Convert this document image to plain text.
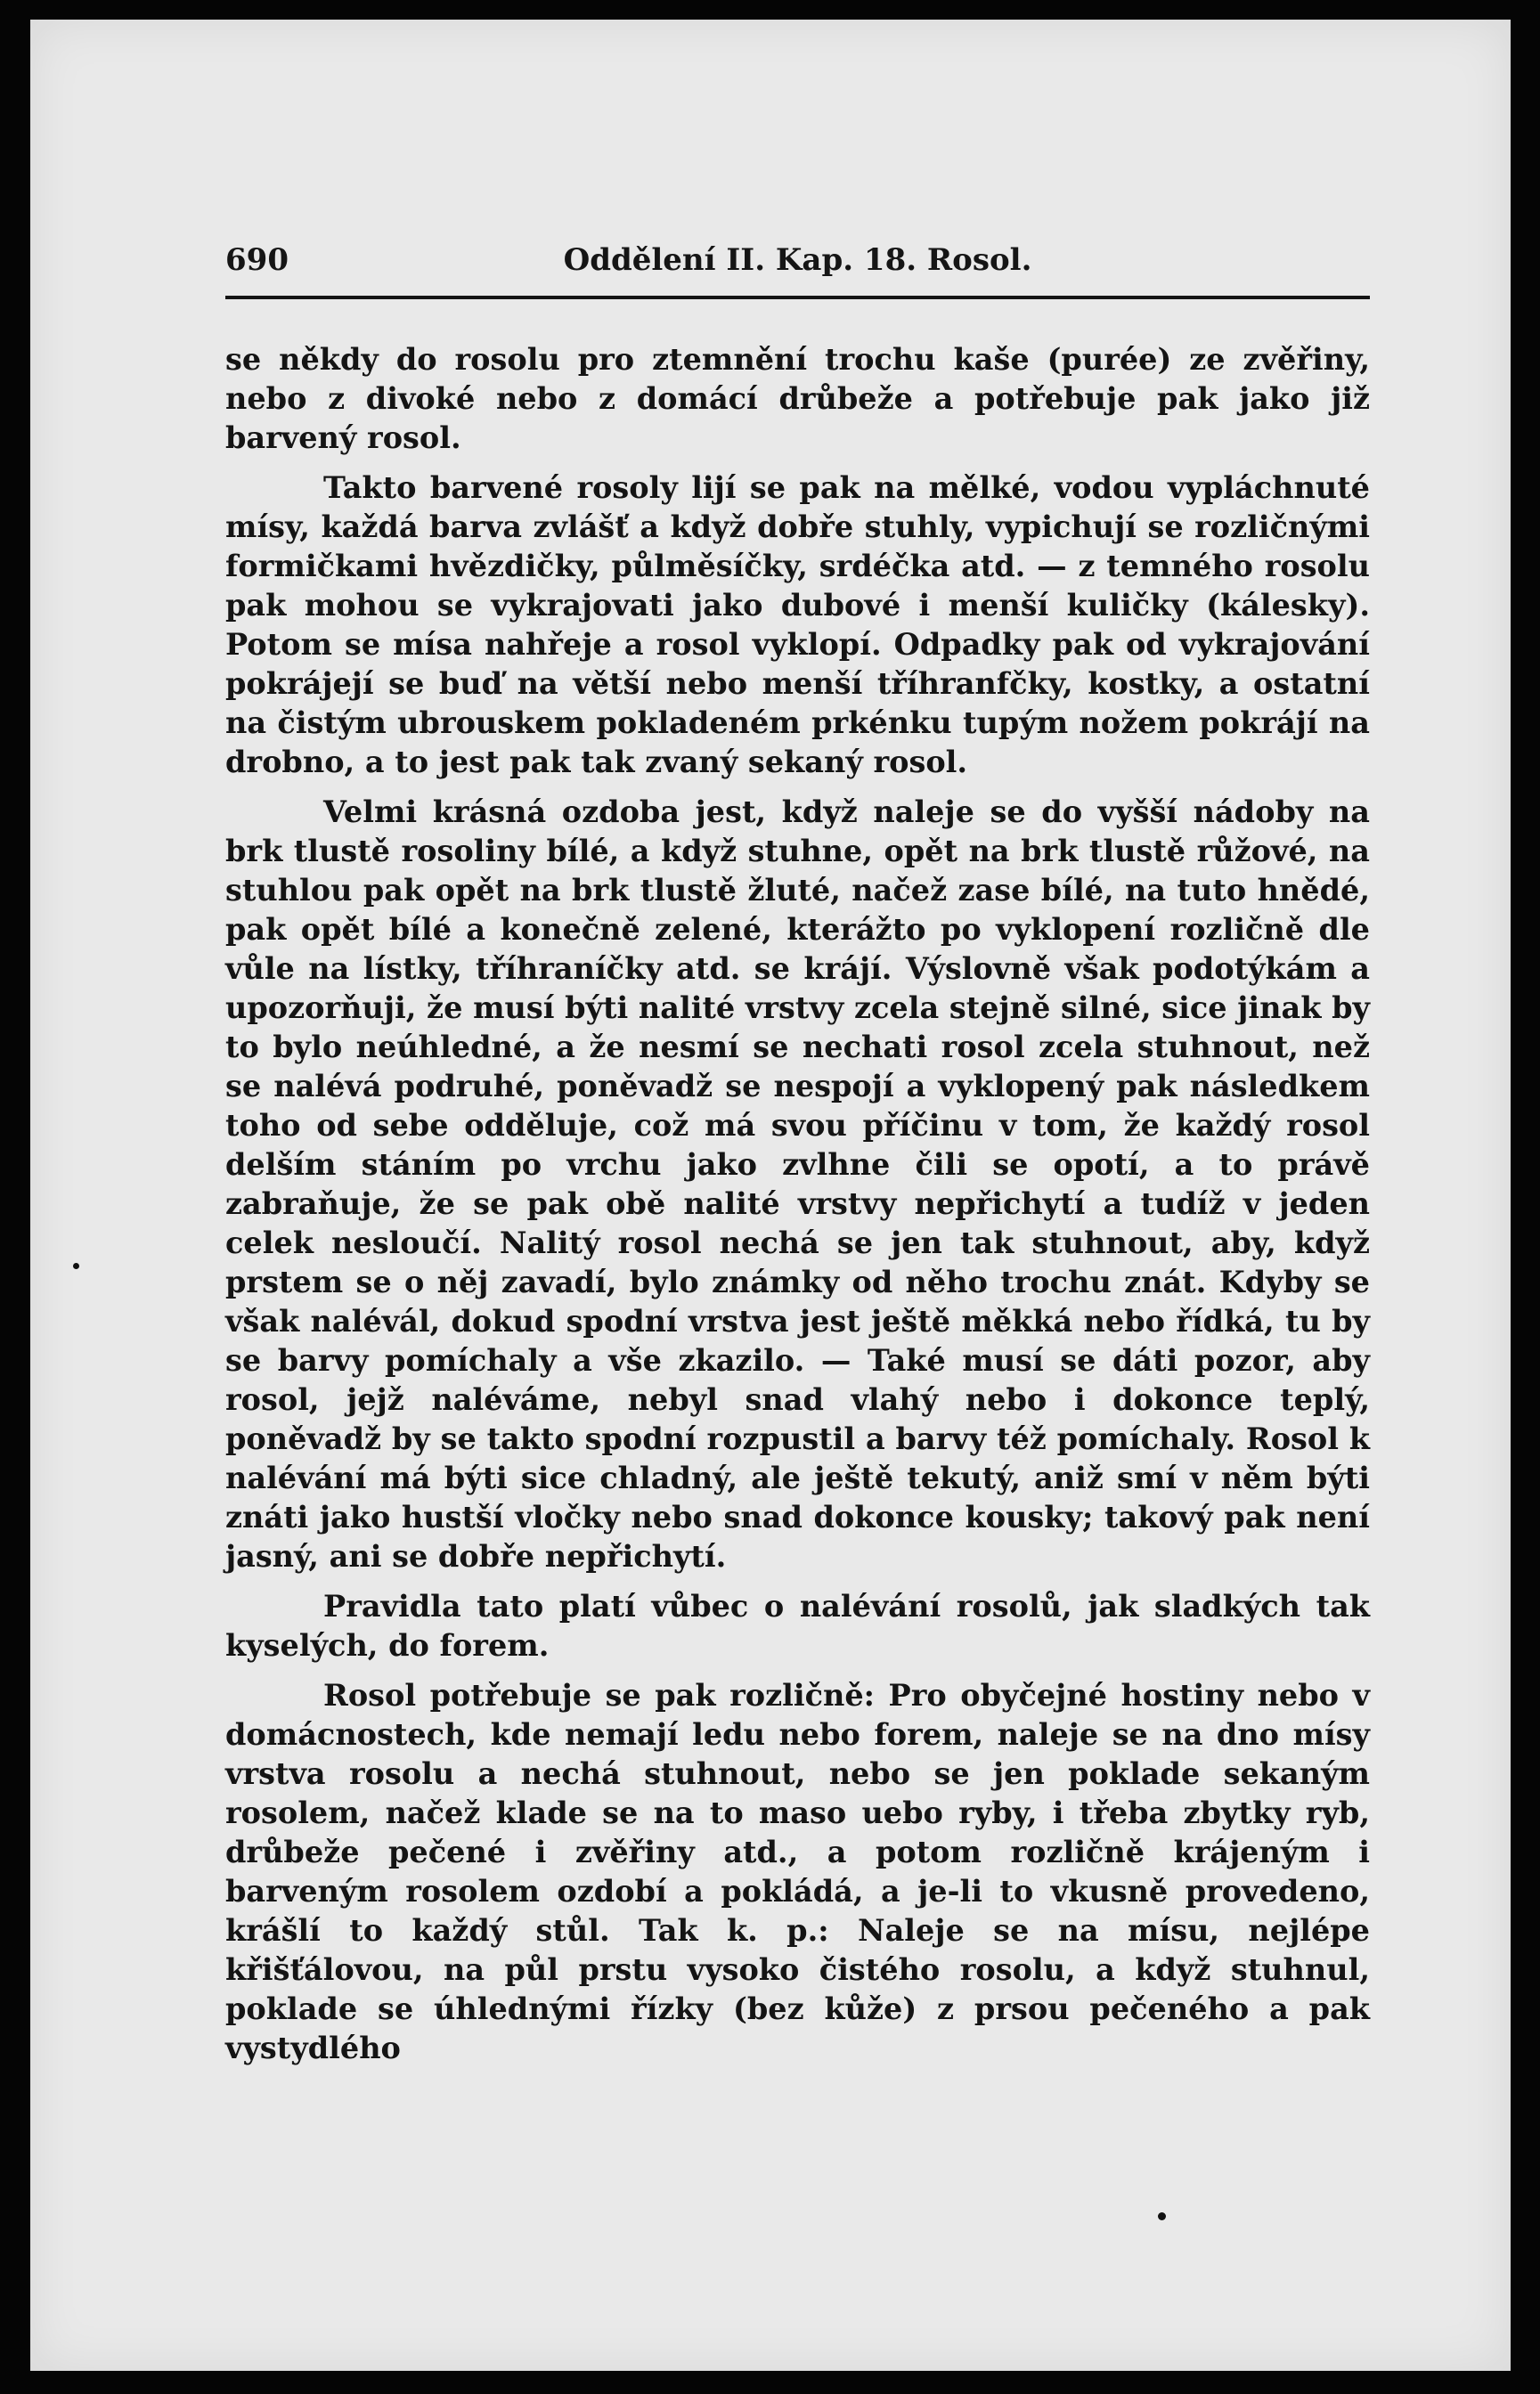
690	Oddělení II. Kap. 18. Rosol.

se někdy do rosolu pro ztemnění trochu kaše (purée) ze zvěřiny, nebo z divoké nebo z domácí drůbeže a potřebuje pak jako již barvený rosol.

Takto barvené rosoly lijí se pak na mělké, vodou vypláchnuté mísy, každá barva zvlášť a když dobře stuhly, vypichují se rozličnými formičkami hvězdičky, půlměsíčky, srdéčka atd. — z temného rosolu pak mohou se vykrajovati jako dubové i menší kuličky (kálesky). Potom se mísa nahřeje a rosol vyklopí. Odpadky pak od vykrajování pokrájejí se buď na větší nebo menší tříhranfčky, kostky, a ostatní na čistým ubrouskem pokladeném prkénku tupým nožem pokrájí na drobno, a to jest pak tak zvaný sekaný rosol.

Velmi krásná ozdoba jest, když naleje se do vyšší nádoby na brk tlustě rosoliny bílé, a když stuhne, opět na brk tlustě růžové, na stuhlou pak opět na brk tlustě žluté, načež zase bílé, na tuto hnědé, pak opět bílé a konečně zelené, kterážto po vyklopení rozličně dle vůle na lístky, tříhraníčky atd. se krájí. Výslovně však podotýkám a upozorňuji, že musí býti nalité vrstvy zcela stejně silné, sice jinak by to bylo neúhledné, a že nesmí se nechati rosol zcela stuhnout, než se nalévá podruhé, poněvadž se nespojí a vyklopený pak následkem toho od sebe odděluje, což má svou příčinu v tom, že každý rosol delším stáním po vrchu jako zvlhne čili se opotí, a to právě zabraňuje, že se pak obě nalité vrstvy nepřichytí a tudíž v jeden celek nesloučí. Nalitý rosol nechá se jen tak stuhnout, aby, když prstem se o něj zavadí, bylo známky od něho trochu znát. Kdyby se však nalévál, dokud spodní vrstva jest ještě měkká nebo řídká, tu by se barvy pomíchaly a vše zkazilo. — Také musí se dáti pozor, aby rosol, jejž naléváme, nebyl snad vlahý nebo i dokonce teplý, poněvadž by se takto spodní rozpustil a barvy též pomíchaly. Rosol k nalévání má býti sice chladný, ale ještě tekutý, aniž smí v něm býti znáti jako hustší vločky nebo snad dokonce kousky; takový pak není jasný, ani se dobře nepřichytí.

Pravidla tato platí vůbec o nalévání rosolů, jak sladkých tak kyselých, do forem.

Rosol potřebuje se pak rozličně: Pro obyčejné hostiny nebo v domácnostech, kde nemají ledu nebo forem, naleje se na dno mísy vrstva rosolu a nechá stuhnout, nebo se jen poklade sekaným rosolem, načež klade se na to maso uebo ryby, i třeba zbytky ryb, drůbeže pečené i zvěřiny atd., a potom rozličně krájeným i barveným rosolem ozdobí a pokládá, a je-li to vkusně provedeno, krášlí to každý stůl. Tak k. p.: Naleje se na mísu, nejlépe křišťálovou, na půl prstu vysoko čistého rosolu, a když stuhnul, poklade se úhlednými řízky (bez kůže) z prsou pečeného a pak vystydlého
